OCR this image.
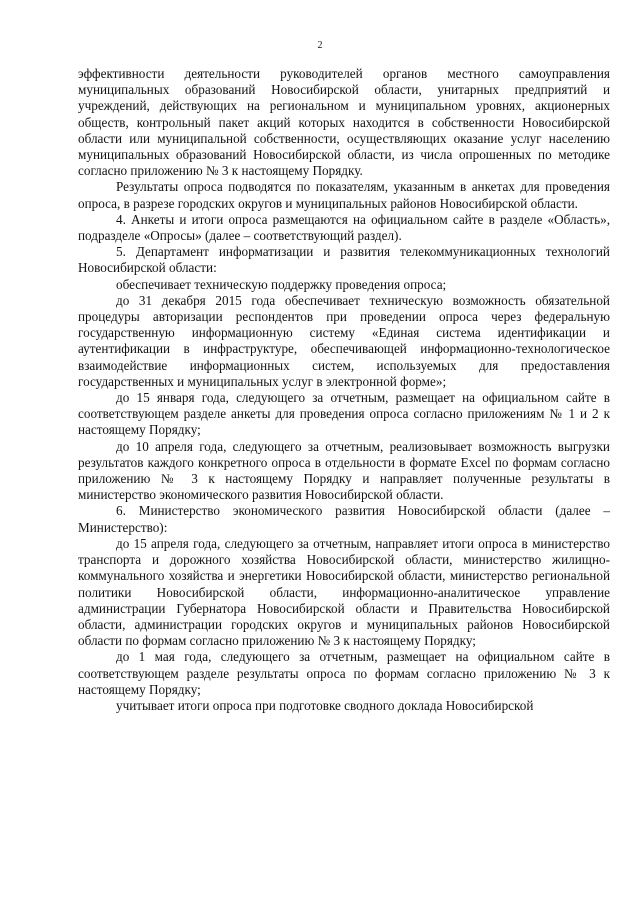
2

эффективности деятельности руководителей органов местного самоуправления муниципальных образований Новосибирской области, унитарных предприятий и учреждений, действующих на региональном и муниципальном уровнях, акционерных обществ, контрольный пакет акций которых находится в собственности Новосибирской области или муниципальной собственности, осуществляющих оказание услуг населению муниципальных образований Новосибирской области, из числа опрошенных по методике согласно приложению № 3 к настоящему Порядку.

Результаты опроса подводятся по показателям, указанным в анкетах для проведения опроса, в разрезе городских округов и муниципальных районов Новосибирской области.

4. Анкеты и итоги опроса размещаются на официальном сайте в разделе «Область», подразделе «Опросы» (далее – соответствующий раздел).

5. Департамент информатизации и развития телекоммуникационных технологий Новосибирской области:

обеспечивает техническую поддержку проведения опроса;

до 31 декабря 2015 года обеспечивает техническую возможность обязательной процедуры авторизации респондентов при проведении опроса через федеральную государственную информационную систему «Единая система идентификации и аутентификации в инфраструктуре, обеспечивающей информационно-технологическое взаимодействие информационных систем, используемых для предоставления государственных и муниципальных услуг в электронной форме»;

до 15 января года, следующего за отчетным, размещает на официальном сайте в соответствующем разделе анкеты для проведения опроса согласно приложениям № 1 и 2 к настоящему Порядку;

до 10 апреля года, следующего за отчетным, реализовывает возможность выгрузки результатов каждого конкретного опроса в отдельности в формате Excel по формам согласно приложению № 3 к настоящему Порядку и направляет полученные результаты в министерство экономического развития Новосибирской области.

6. Министерство экономического развития Новосибирской области (далее – Министерство):

до 15 апреля года, следующего за отчетным, направляет итоги опроса в министерство транспорта и дорожного хозяйства Новосибирской области, министерство жилищно-коммунального хозяйства и энергетики Новосибирской области, министерство региональной политики Новосибирской области, информационно-аналитическое управление администрации Губернатора Новосибирской области и Правительства Новосибирской области, администрации городских округов и муниципальных районов Новосибирской области по формам согласно приложению № 3 к настоящему Порядку;

до 1 мая года, следующего за отчетным, размещает на официальном сайте в соответствующем разделе результаты опроса по формам согласно приложению № 3 к настоящему Порядку;

учитывает итоги опроса при подготовке сводного доклада Новосибирской
